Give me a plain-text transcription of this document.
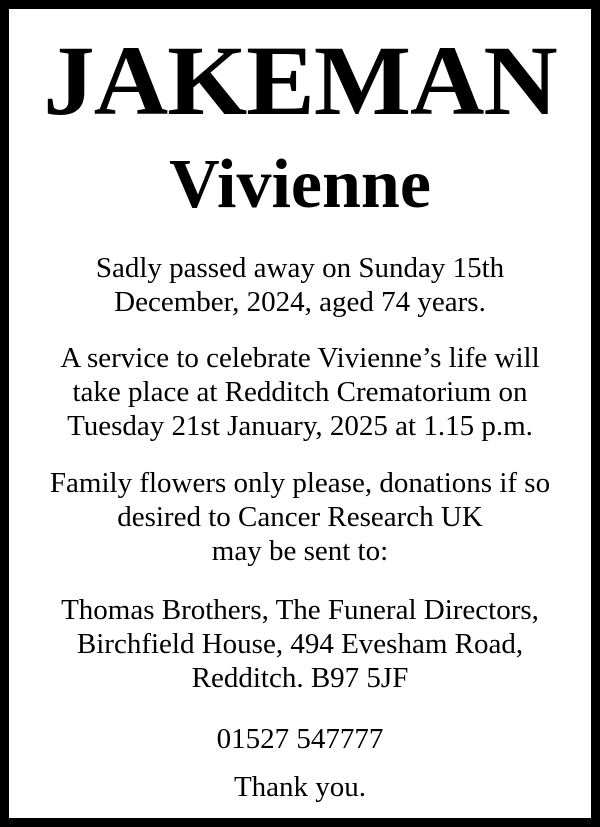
JAKEMAN
Vivienne

Sadly passed away on Sunday 15th
December, 2024, aged 74 years.

A service to celebrate Vivienne’s life will
take place at Redditch Crematorium on
Tuesday 21st January, 2025 at 1.15 p.m.

Family flowers only please, donations if so
desired to Cancer Research UK
may be sent to:

Thomas Brothers, The Funeral Directors,
Birchfield House, 494 Evesham Road,
Redditch. B97 5JF

01527 547777

Thank you.
